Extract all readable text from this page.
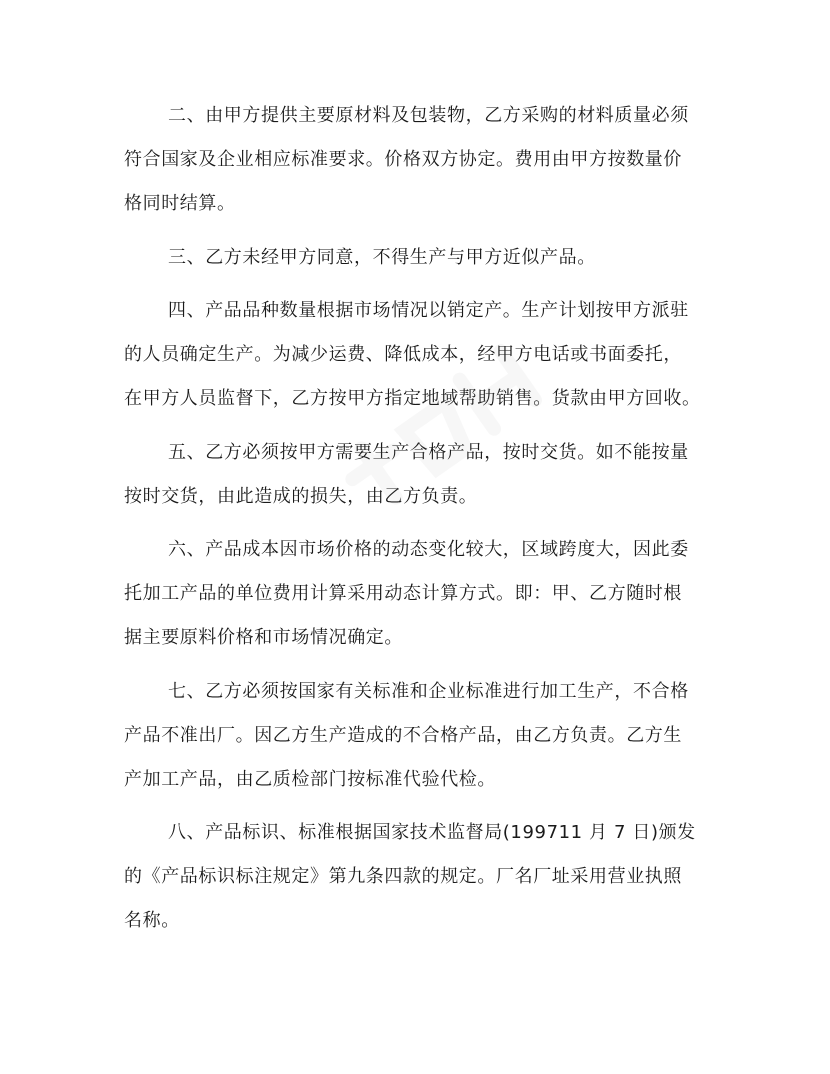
二、由甲方提供主要原材料及包装物，乙方采购的材料质量必须
符合国家及企业相应标准要求。价格双方协定。费用由甲方按数量价
格同时结算。
三、乙方未经甲方同意，不得生产与甲方近似产品。
四、产品品种数量根据市场情况以销定产。生产计划按甲方派驻
的人员确定生产。为减少运费、降低成本，经甲方电话或书面委托，
在甲方人员监督下，乙方按甲方指定地域帮助销售。货款由甲方回收。
五、乙方必须按甲方需要生产合格产品，按时交货。如不能按量
按时交货，由此造成的损失，由乙方负责。
六、产品成本因市场价格的动态变化较大，区域跨度大，因此委
托加工产品的单位费用计算采用动态计算方式。即：甲、乙方随时根
据主要原料价格和市场情况确定。
七、乙方必须按国家有关标准和企业标准进行加工生产，不合格
产品不准出厂。因乙方生产造成的不合格产品，由乙方负责。乙方生
产加工产品，由乙质检部门按标准代验代检。
八、产品标识、标准根据国家技术监督局(199711 月 7 日)颁发
的《产品标识标注规定》第九条四款的规定。厂名厂址采用营业执照
名称。
